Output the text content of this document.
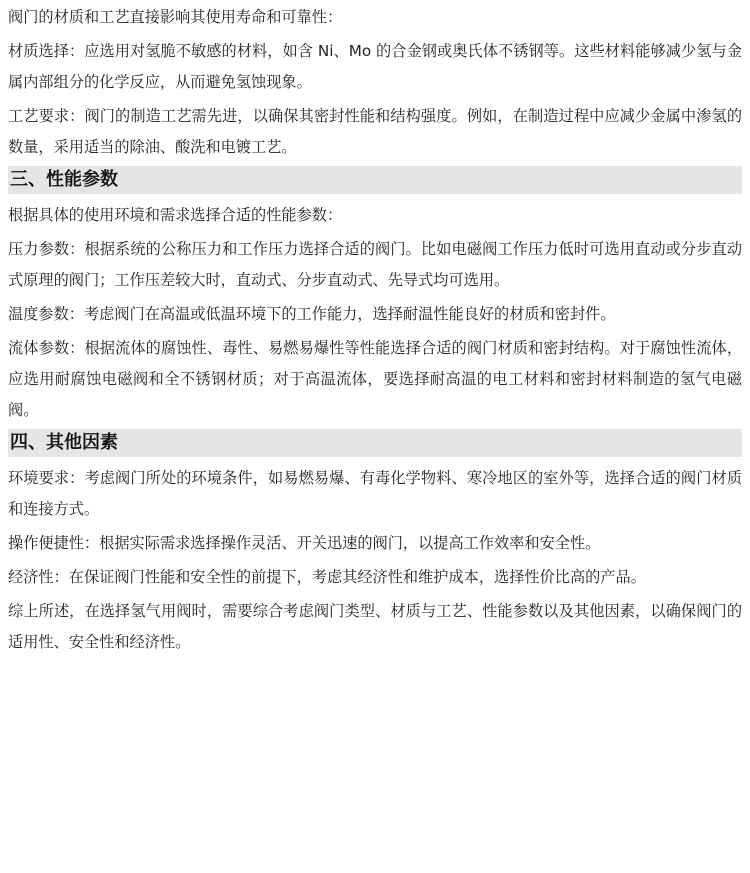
阀门的材质和工艺直接影响其使用寿命和可靠性：

材质选择：应选用对氢脆不敏感的材料，如含 Ni、Mo 的合金钢或奥氏体不锈钢等。这些材料能够减少氢与金属内部组分的化学反应，从而避免氢蚀现象。

工艺要求：阀门的制造工艺需先进，以确保其密封性能和结构强度。例如，在制造过程中应减少金属中渗氢的数量，采用适当的除油、酸洗和电镀工艺。

三、性能参数

根据具体的使用环境和需求选择合适的性能参数：

压力参数：根据系统的公称压力和工作压力选择合适的阀门。比如电磁阀工作压力低时可选用直动或分步直动式原理的阀门；工作压差较大时，直动式、分步直动式、先导式均可选用。

温度参数：考虑阀门在高温或低温环境下的工作能力，选择耐温性能良好的材质和密封件。

流体参数：根据流体的腐蚀性、毒性、易燃易爆性等性能选择合适的阀门材质和密封结构。对于腐蚀性流体，应选用耐腐蚀电磁阀和全不锈钢材质；对于高温流体，要选择耐高温的电工材料和密封材料制造的氢气电磁阀。

四、其他因素

环境要求：考虑阀门所处的环境条件，如易燃易爆、有毒化学物料、寒冷地区的室外等，选择合适的阀门材质和连接方式。

操作便捷性：根据实际需求选择操作灵活、开关迅速的阀门，以提高工作效率和安全性。

经济性：在保证阀门性能和安全性的前提下，考虑其经济性和维护成本，选择性价比高的产品。

综上所述，在选择氢气用阀时，需要综合考虑阀门类型、材质与工艺、性能参数以及其他因素，以确保阀门的适用性、安全性和经济性。
